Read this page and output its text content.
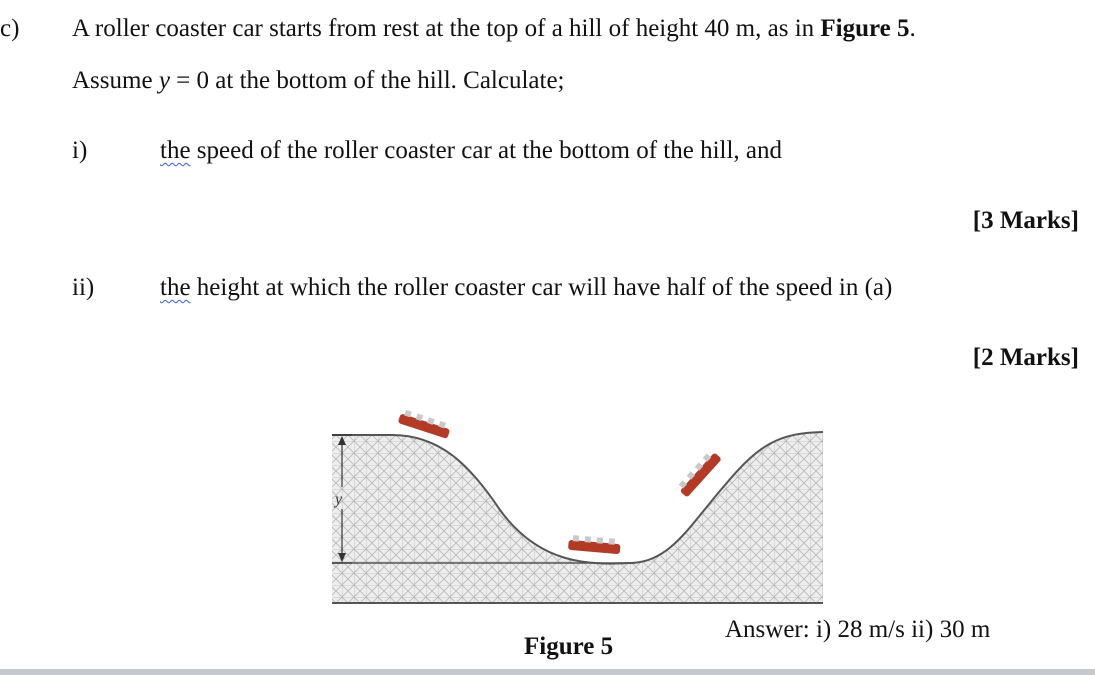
c) A roller coaster car starts from rest at the top of a hill of height 40 m, as in Figure 5.
Assume y = 0 at the bottom of the hill. Calculate;
i)	the speed of the roller coaster car at the bottom of the hill, and
[3 Marks]
ii)	the height at which the roller coaster car will have half of the speed in (a)
[2 Marks]
y
Figure 5
Answer: i) 28 m/s ii) 30 m
